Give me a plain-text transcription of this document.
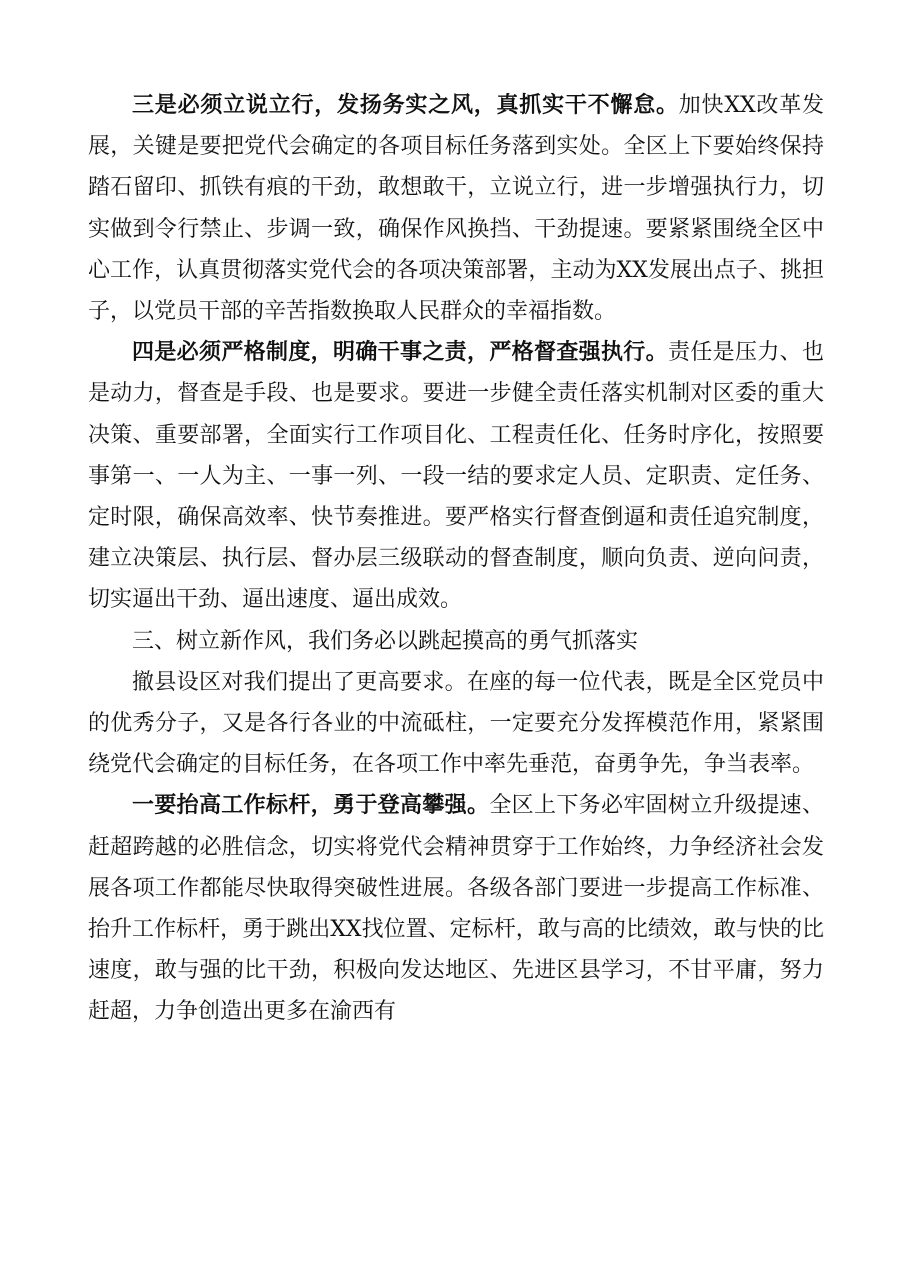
三是必须立说立行，发扬务实之风，真抓实干不懈怠。加快XX改革发展，关键是要把党代会确定的各项目标任务落到实处。全区上下要始终保持踏石留印、抓铁有痕的干劲，敢想敢干，立说立行，进一步增强执行力，切实做到令行禁止、步调一致，确保作风换挡、干劲提速。要紧紧围绕全区中心工作，认真贯彻落实党代会的各项决策部署，主动为XX发展出点子、挑担子，以党员干部的辛苦指数换取人民群众的幸福指数。

四是必须严格制度，明确干事之责，严格督查强执行。责任是压力、也是动力，督查是手段、也是要求。要进一步健全责任落实机制对区委的重大决策、重要部署，全面实行工作项目化、工程责任化、任务时序化，按照要事第一、一人为主、一事一列、一段一结的要求定人员、定职责、定任务、定时限，确保高效率、快节奏推进。要严格实行督查倒逼和责任追究制度，建立决策层、执行层、督办层三级联动的督查制度，顺向负责、逆向问责，切实逼出干劲、逼出速度、逼出成效。

三、树立新作风，我们务必以跳起摸高的勇气抓落实

撤县设区对我们提出了更高要求。在座的每一位代表，既是全区党员中的优秀分子，又是各行各业的中流砥柱，一定要充分发挥模范作用，紧紧围绕党代会确定的目标任务，在各项工作中率先垂范，奋勇争先，争当表率。

一要抬高工作标杆，勇于登高攀强。全区上下务必牢固树立升级提速、赶超跨越的必胜信念，切实将党代会精神贯穿于工作始终，力争经济社会发展各项工作都能尽快取得突破性进展。各级各部门要进一步提高工作标准、抬升工作标杆，勇于跳出XX找位置、定标杆，敢与高的比绩效，敢与快的比速度，敢与强的比干劲，积极向发达地区、先进区县学习，不甘平庸，努力赶超，力争创造出更多在渝西有
